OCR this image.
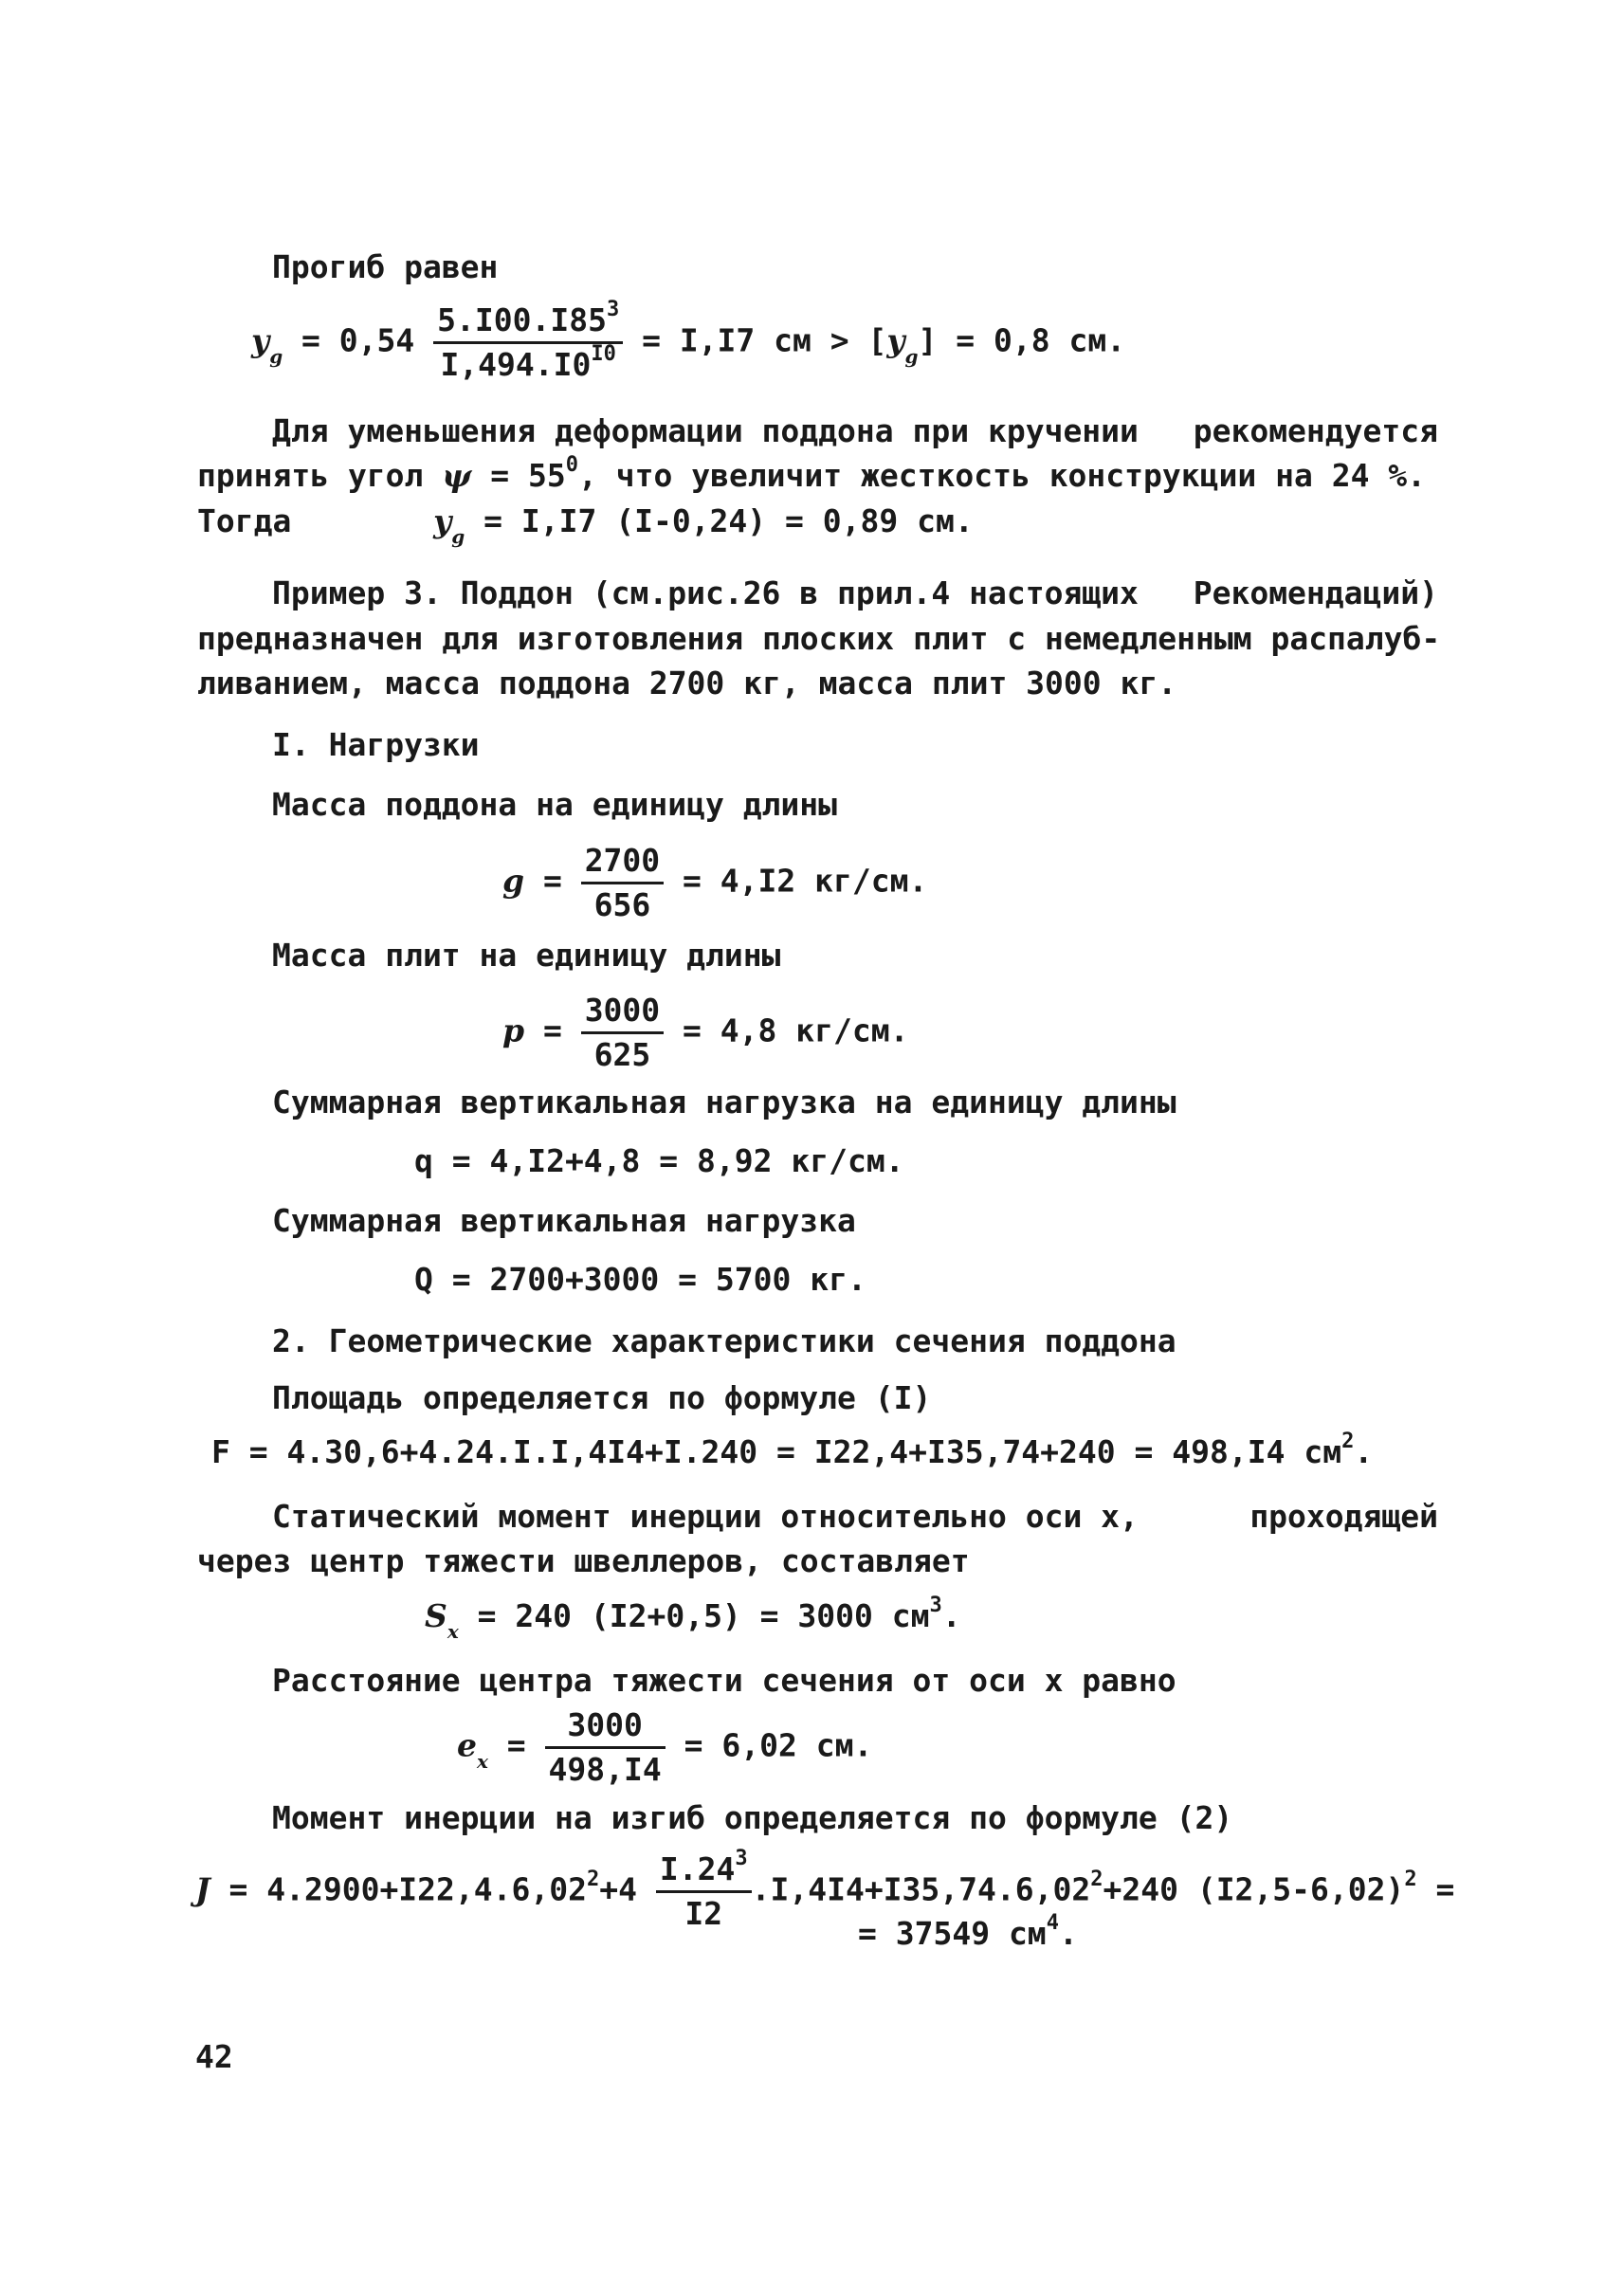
Прогиб равен
$y_g = 0,54 \frac{5.I00.I85^3}{I,494.I0^{I0}} = I,I7$ см > $[y_g] = 0,8$ см.
Для уменьшения деформации поддона при кручении рекомендуется
принять угол $\psi = 55^0$, что увеличит жесткость конструкции на 24 %.
Тогда	$y_g = I,I7$ (I-0,24) = 0,89 см.
Пример 3. Поддон (см.рис.26 в прил.4 настоящих Рекомендаций)
предназначен для изготовления плоских плит с немедленным распалуб -
ливанием, масса поддона 2700 кг, масса плит 3000 кг.
I. Нагрузки
Масса поддона на единицу длины
$g = \frac{2700}{656} = 4,I2$ кг/см.
Масса плит на единицу длины
$p = \frac{3000}{625} = 4,8$ кг/см.
Суммарная вертикальная нагрузка на единицу длины
q = 4,I2+4,8 = 8,92 кг/см.
Суммарная вертикальная нагрузка
Q = 2700+3000 = 5700 кг.
2. Геометрические характеристики сечения поддона
Площадь определяется по формуле (I)
F = 4.30,6+4.24.I.I,4I4+I.240 = I22,4+I35,74+240 = 498,I4 $см^2$.
Статический момент инерции относительно оси х,	проходящей
через центр тяжести швеллеров, составляет
$S_x = 240$ (I2+0,5) = 3000 $см^3$.
Расстояние центра тяжести сечения от оси х равно
$e_x = \frac{3000}{498,I4} = 6,02$ см.
Момент инерции на изгиб определяется по формуле (2)
$J = 4.2900+I22,4.6,02^2+4 \frac{I.24^3}{I2} .I,4I4+I35,74.6,02^2+240$ $(I2,5-6,02)^2$ =
= 37549 $см^4$.
42
